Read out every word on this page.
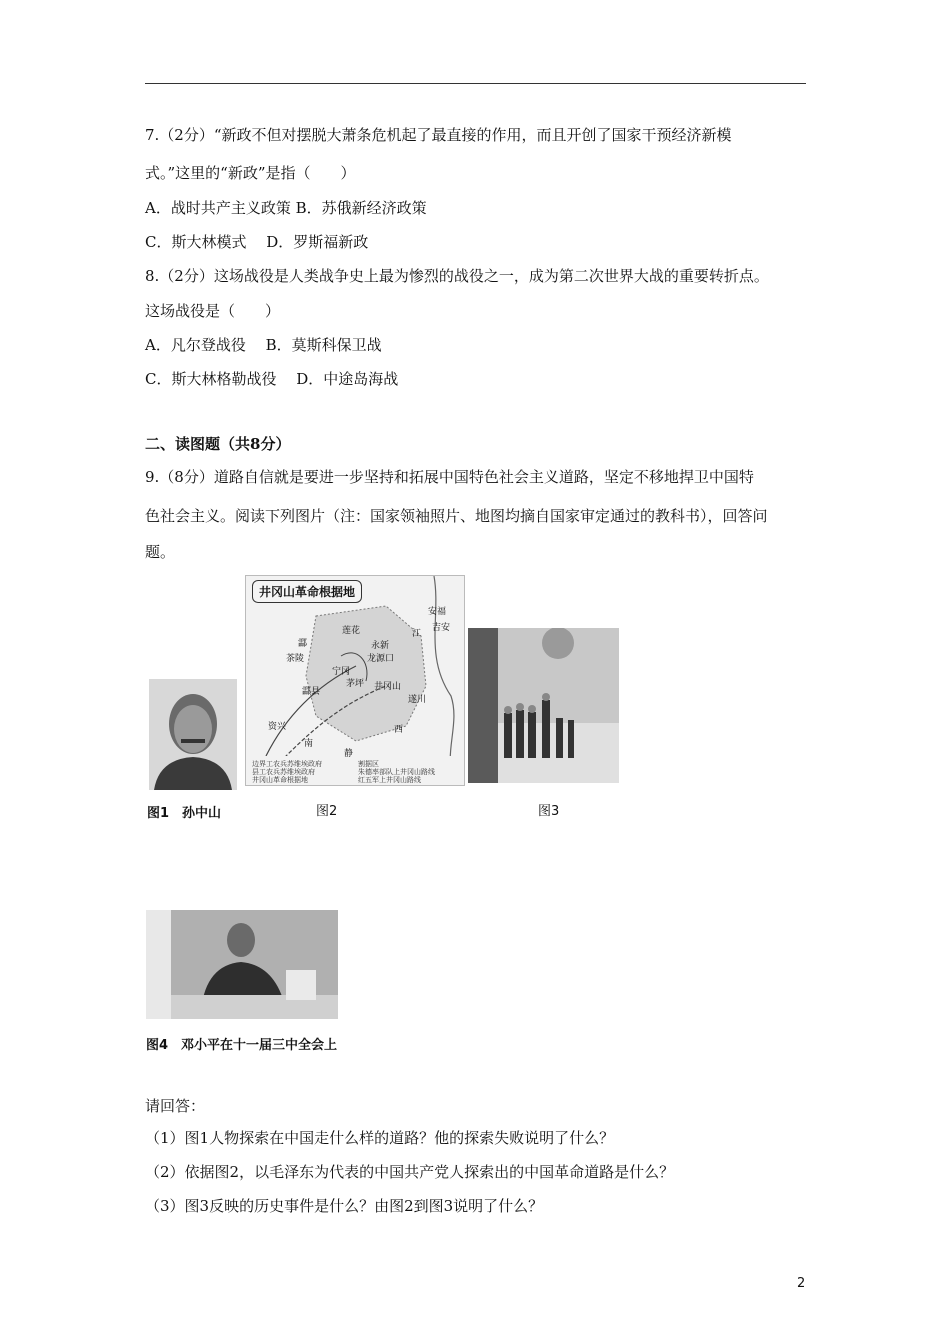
7.（2分）“新政不但对摆脱大萧条危机起了最直接的作用，而且开创了国家干预经济新模
式。”这里的“新政”是指（　　）
A．战时共产主义政策 B．苏俄新经济政策
C．斯大林模式　 D．罗斯福新政
8.（2分）这场战役是人类战争史上最为惨烈的战役之一，成为第二次世界大战的重要转折点。
这场战役是（　　）
A．凡尔登战役　 B．莫斯科保卫战
C．斯大林格勒战役　 D．中途岛海战
二、读图题（共8分）
9.（8分）道路自信就是要进一步坚持和拓展中国特色社会主义道路，坚定不移地捍卫中国特
色社会主义。阅读下列图片（注：国家领袖照片、地图均摘自国家审定通过的教科书），回答问
题。
图1　孙中山
井冈山革命根据地
安福
吉安
江
莲花
永新
龙源口
酃
茶陵
宁冈
茅坪 井冈山
遂川
酃县
资兴
南
静
西
边界工农兵苏维埃政府
县工农兵苏维埃政府
井冈山革命根据地
割据区
朱德率部队上井冈山路线
红五军上井冈山路线
图2	图3
图4　邓小平在十一届三中全会上
请回答：
（1）图1人物探索在中国走什么样的道路？他的探索失败说明了什么？
（2）依据图2，以毛泽东为代表的中国共产党人探索出的中国革命道路是什么？
（3）图3反映的历史事件是什么？由图2到图3说明了什么？
2
